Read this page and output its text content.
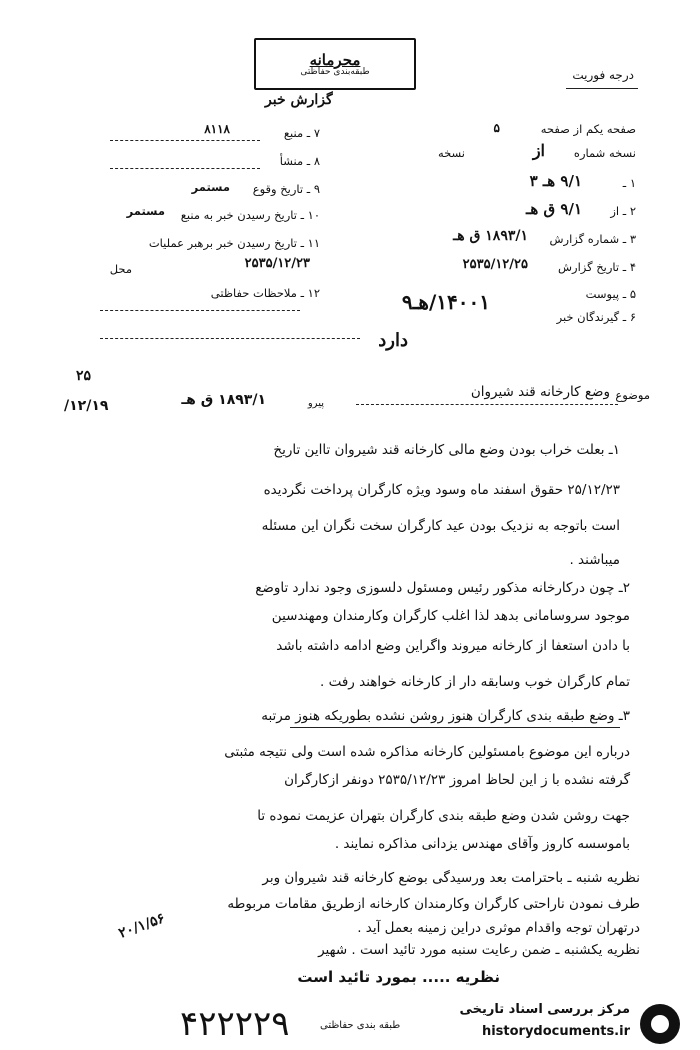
محرمانه
طبقه‌بندی حفاظتی
گزارش خبر
درجه فوریت
صفحه یکم از صفحه
۵
نسخه شماره
از
نسخه
۱ ـ
۹/۱ هـ ۳
۲ ـ از
۹/۱ ق هـ
۳ ـ شماره گزارش
۱۸۹۳/۱ ق هـ
۴ ـ تاریخ گزارش
۲۵۳۵/۱۲/۲۵
۵ ـ پیوست
۶ ـ گیرندگان خبر
۱۴۰۰۱/هـ۹
دارد
۷ ـ منبع
۸۱۱۸
۸ ـ منشأ
۹ ـ تاریخ وقوع
مستمر
۱۰ ـ تاریخ رسیدن خبر به منبع
مستمر
۱۱ ـ تاریخ رسیدن خبر برهبر عملیات
محل	۲۵۳۵/۱۲/۲۳
۱۲ ـ ملاحظات حفاظتی
موضوع
وضع کارخانه قند شیروان
۲۵
پیرو
۱۸۹۳/۱ ق هـ
۱۲/۱۹/
۱ـ بعلت خراب بودن وضع مالی کارخانه قند شیروان تااین تاریخ
۲۵/۱۲/۲۳ حقوق اسفند ماه وسود ویژه کارگران پرداخت نگردیده
است باتوجه به نزدیک بودن عید کارگران سخت نگران این مسئله
میباشند .
۲ـ چون درکارخانه مذکور رئیس ومسئول دلسوزی وجود ندارد تاوضع
موجود سروسامانی بدهد لذا اغلب کارگران وکارمندان ومهندسین
با دادن استعفا از کارخانه میروند واگراین وضع ادامه داشته باشد
تمام کارگران خوب وسابقه دار از کارخانه خواهند رفت .
۳ـ وضع طبقه بندی کارگران هنوز روشن نشده بطوریکه هنوز مرتبه
درباره این موضوع بامسئولین کارخانه مذاکره شده است ولی نتیجه مثبتی
گرفته نشده با ز این لحاظ امروز ۲۵۳۵/۱۲/۲۳ دونفر ازکارگران
جهت روشن شدن وضع طبقه بندی کارگران بتهران عزیمت نموده تا
باموسسه کاروز وآقای مهندس یزدانی مذاکره نمایند .
نظریه شنبه ـ باحترامت بعد ورسیدگی بوضع کارخانه قند شیروان وبر
طرف نمودن ناراحتی کارگران وکارمندان کارخانه ازطریق مقامات مربوطه
درتهران توجه واقدام موثری دراین زمینه بعمل آید .
نظریه یکشنبه ـ ضمن رعایت سنبه مورد تائید است . شهیر
نظریه ..... بمورد تائید است
۲۰/۱/۵۶
۴۲۲۲۲۹	طبقه بندی حفاظتی
مرکز بررسی اسناد تاریخی
historydocuments.ir
